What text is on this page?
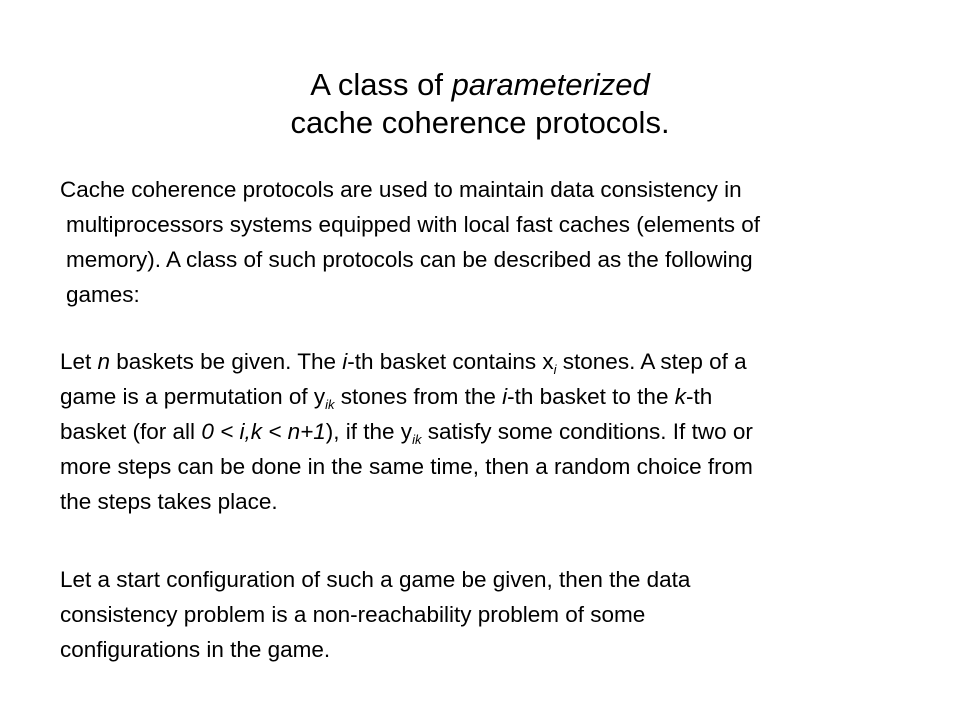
A class of parameterized
cache coherence protocols.
Cache coherence protocols are used to maintain data consistency in
multiprocessors systems equipped with local fast caches (elements of
memory). A class of such protocols can be described as the following
games:
Let n baskets be given. The i-th basket contains $x_i$ stones. A step of a
game is a permutation of $y_{ik}$ stones from the i-th basket to the k-th
basket (for all 0 < i,k < n+1), if the $y_{ik}$ satisfy some conditions. If two or
more steps can be done in the same time, then a random choice from
the steps takes place.
Let a start configuration of such a game be given, then the data
consistency problem is a non-reachability problem of some
configurations in the game.
